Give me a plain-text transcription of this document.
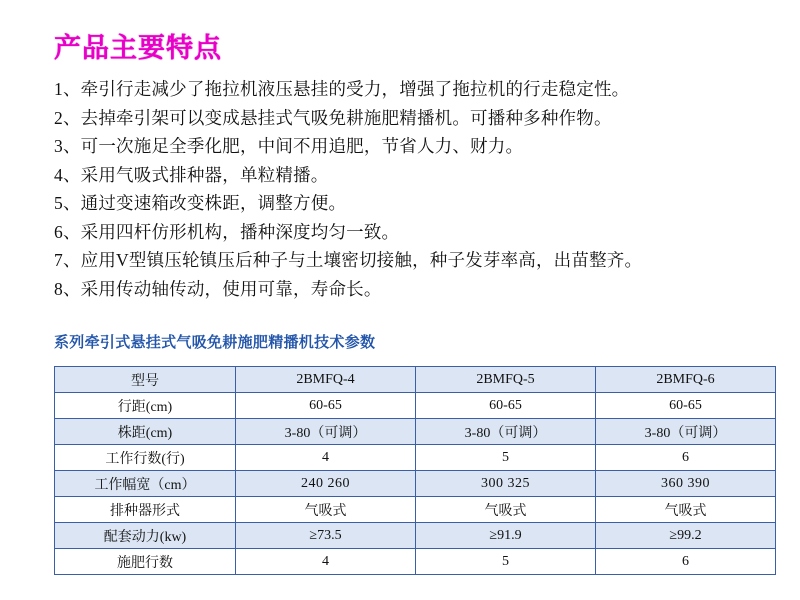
产品主要特点
1、牵引行走减少了拖拉机液压悬挂的受力，增强了拖拉机的行走稳定性。
2、去掉牵引架可以变成悬挂式气吸免耕施肥精播机。可播种多种作物。
3、可一次施足全季化肥，中间不用追肥，节省人力、财力。
4、采用气吸式排种器，单粒精播。
5、通过变速箱改变株距，调整方便。
6、采用四杆仿形机构，播种深度均匀一致。
7、应用V型镇压轮镇压后种子与土壤密切接触，种子发芽率高，出苗整齐。
8、采用传动轴传动，使用可靠，寿命长。
系列牵引式悬挂式气吸免耕施肥精播机技术参数
型号	2BMFQ-4	2BMFQ-5	2BMFQ-6
行距(cm)	60-65	60-65	60-65
株距(cm)	3-80（可调）	3-80（可调）	3-80（可调）
工作行数(行)	4	5	6
工作幅宽（cm）	240 260	300 325	360 390
排种器形式	气吸式	气吸式	气吸式
配套动力(kw)	≥73.5	≥91.9	≥99.2
施肥行数	4	5	6
